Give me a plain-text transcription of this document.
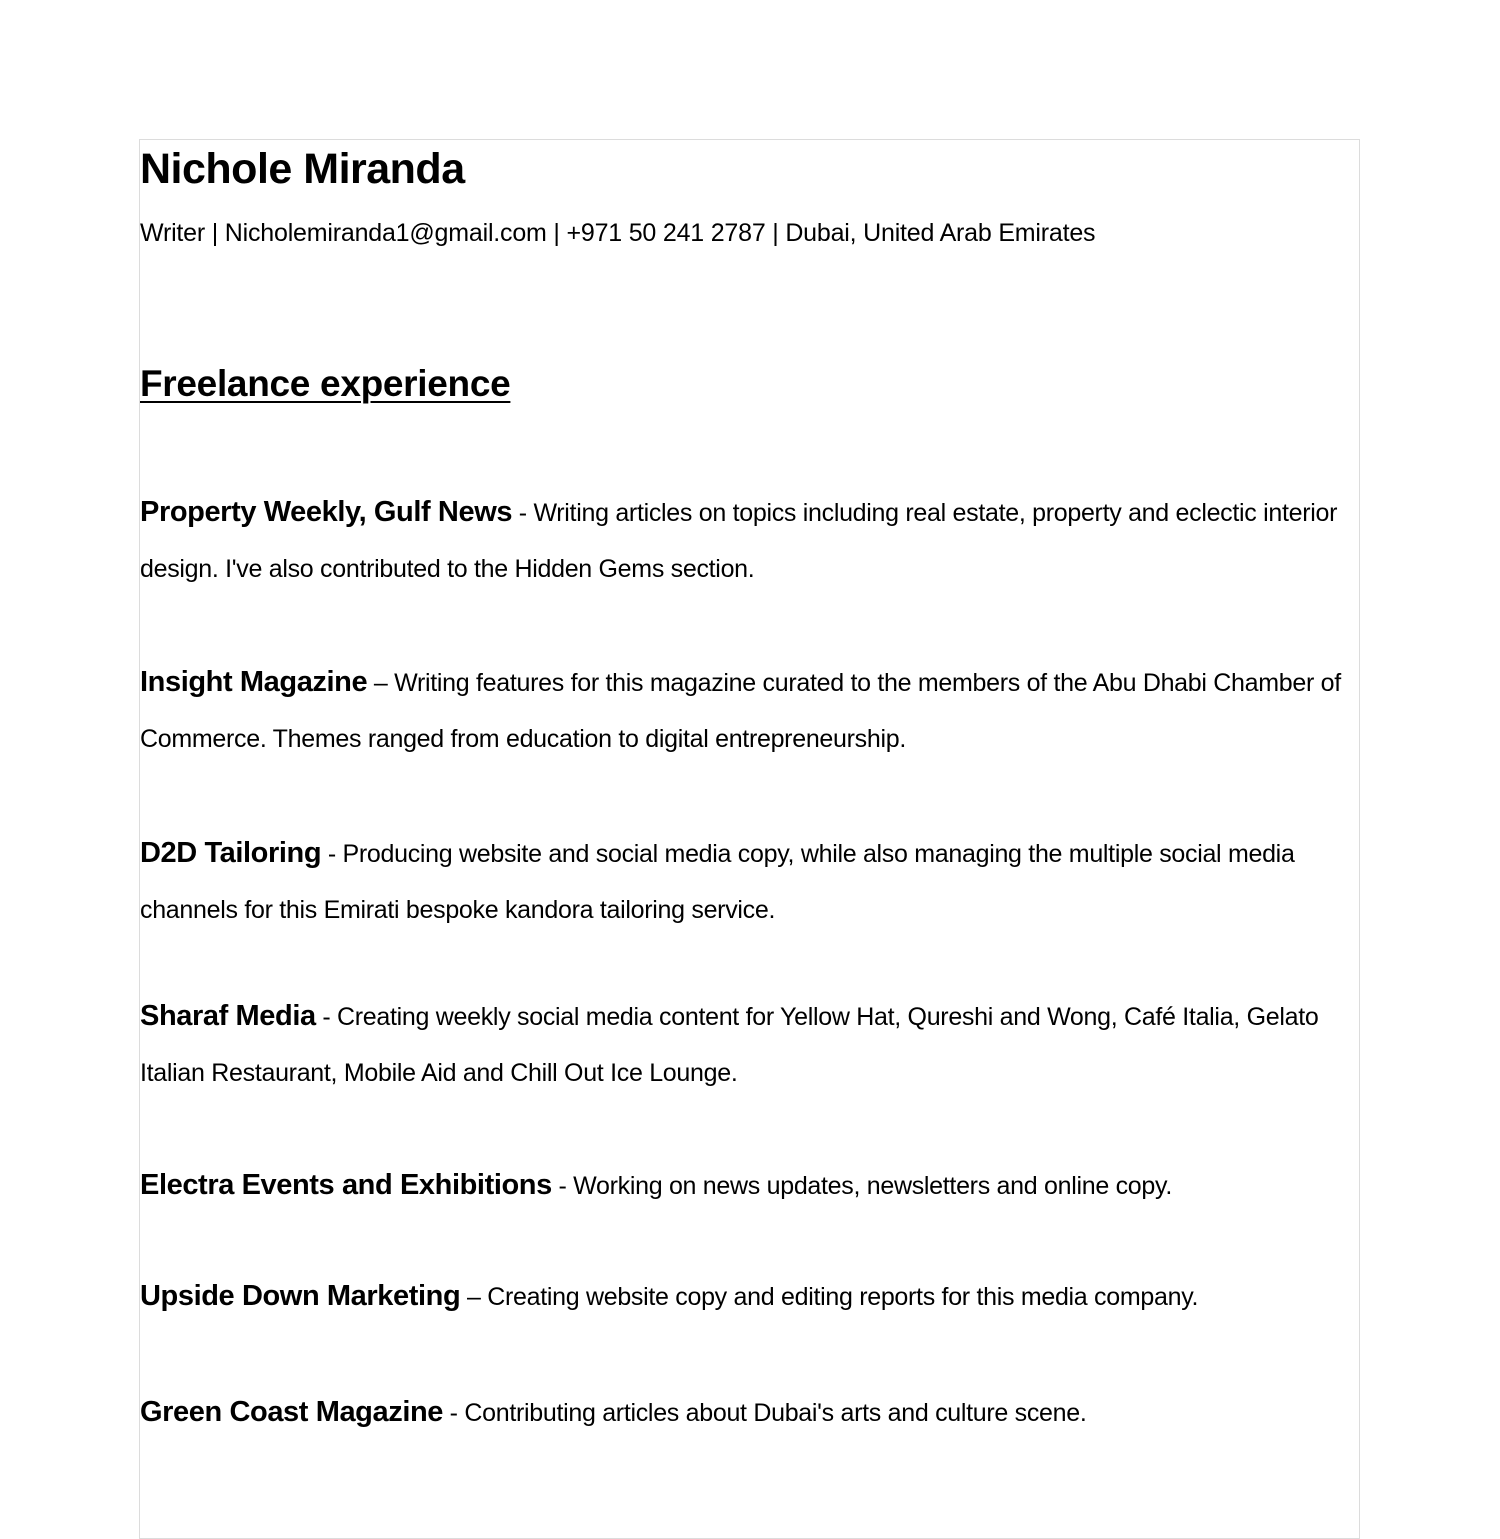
Nichole Miranda
Writer | Nicholemiranda1@gmail.com | +971 50 241 2787 | Dubai, United Arab Emirates
Freelance experience
Property Weekly, Gulf News - Writing articles on topics including real estate, property and eclectic interior design. I've also contributed to the Hidden Gems section.
Insight Magazine – Writing features for this magazine curated to the members of the Abu Dhabi Chamber of Commerce. Themes ranged from education to digital entrepreneurship.
D2D Tailoring - Producing website and social media copy, while also managing the multiple social media channels for this Emirati bespoke kandora tailoring service.
Sharaf Media - Creating weekly social media content for Yellow Hat, Qureshi and Wong, Café Italia, Gelato Italian Restaurant, Mobile Aid and Chill Out Ice Lounge.
Electra Events and Exhibitions - Working on news updates, newsletters and online copy.
Upside Down Marketing – Creating website copy and editing reports for this media company.
Green Coast Magazine - Contributing articles about Dubai's arts and culture scene.
